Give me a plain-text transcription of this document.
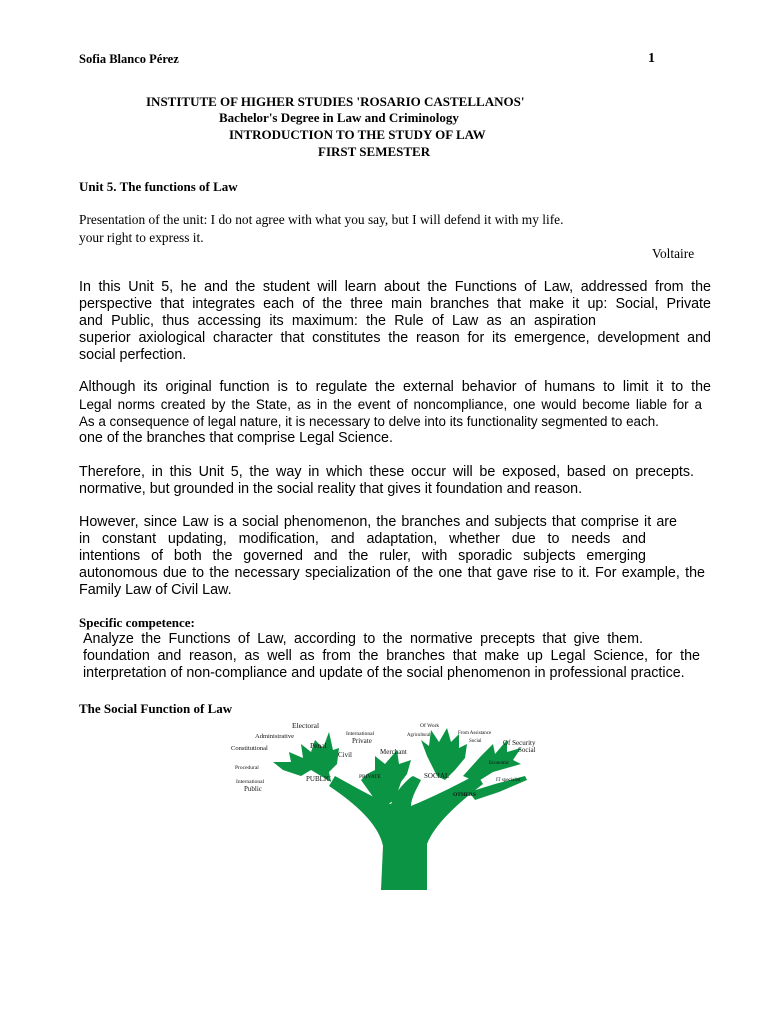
Sofia Blanco Pérez	1
INSTITUTE OF HIGHER STUDIES 'ROSARIO CASTELLANOS'
Bachelor's Degree in Law and Criminology
INTRODUCTION TO THE STUDY OF LAW
FIRST SEMESTER
Unit 5. The functions of Law
Presentation of the unit: I do not agree with what you say, but I will defend it with my life.
your right to express it.
Voltaire
In this Unit 5, he and the student will learn about the Functions of Law, addressed from the
perspective that integrates each of the three main branches that make it up: Social, Private
and Public, thus accessing its maximum: the Rule of Law as an aspiration
superior axiological character that constitutes the reason for its emergence, development and
social perfection.
Although its original function is to regulate the external behavior of humans to limit it to the
Legal norms created by the State, as in the event of noncompliance, one would become liable for a
As a consequence of legal nature, it is necessary to delve into its functionality segmented to each.
one of the branches that comprise Legal Science.
Therefore, in this Unit 5, the way in which these occur will be exposed, based on precepts.
normative, but grounded in the social reality that gives it foundation and reason.
However, since Law is a social phenomenon, the branches and subjects that comprise it are
in constant updating, modification, and adaptation, whether due to needs and
intentions of both the governed and the ruler, with sporadic subjects emerging
autonomous due to the necessary specialization of the one that gave rise to it. For example, the
Family Law of Civil Law.
Specific competence:
Analyze the Functions of Law, according to the normative precepts that give them.
foundation and reason, as well as from the branches that make up Legal Science, for the
interpretation of non-compliance and update of the social phenomenon in professional practice.
The Social Function of Law
Electoral
Administrative
Constitutional	Penal
Procedural
International
Public
PUBLIC
International
Private
Civil	Merchant
PRIVATE
Of Work
Agricultural	From Assistance
Social	Of Security
Social
Economic
SOCIAL
IT specialist
OTHERS
